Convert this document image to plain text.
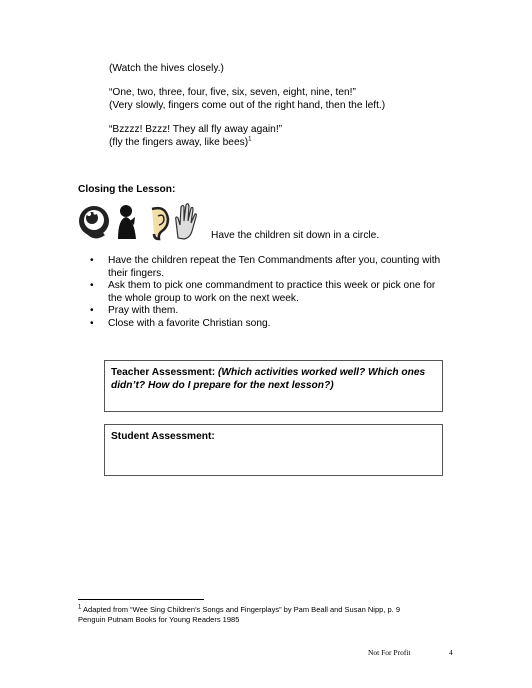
(Watch the hives closely.)
“One, two, three, four, five, six, seven, eight, nine, ten!”
(Very slowly, fingers come out of the right hand, then the left.)
“Bzzzz! Bzzz! They all fly away again!”
(fly the fingers away, like bees)$^1$
Closing the Lesson:
Have the children sit down in a circle.
• Have the children repeat the Ten Commandments after you, counting with
their fingers.
• Ask them to pick one commandment to practice this week or pick one for
the whole group to work on the next week.
• Pray with them.
• Close with a favorite Christian song.
Teacher Assessment: (Which activities worked well? Which ones
didn’t? How do I prepare for the next lesson?)
Student Assessment:
$^1$ Adapted from “Wee Sing Children’s Songs and Fingerplays” by Pam Beall and Susan Nipp, p. 9
Penguin Putnam Books for Young Readers 1985
Not For Profit	4
